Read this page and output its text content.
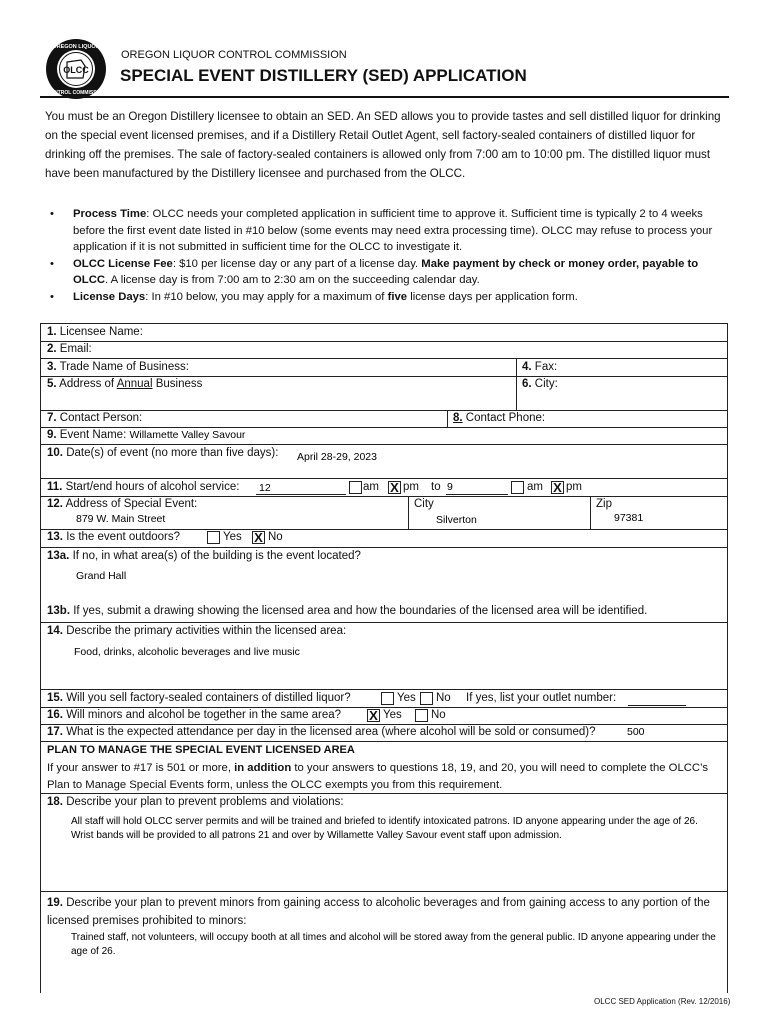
OLCC
OREGON LIQUOR
CONTROL COMMISSION
OREGON LIQUOR CONTROL COMMISSION
SPECIAL EVENT DISTILLERY (SED) APPLICATION
You must be an Oregon Distillery licensee to obtain an SED. An SED allows you to provide tastes and sell distilled liquor for drinking on the special event licensed premises, and if a Distillery Retail Outlet Agent, sell factory-sealed containers of distilled liquor for drinking off the premises. The sale of factory-sealed containers is allowed only from 7:00 am to 10:00 pm. The distilled liquor must have been manufactured by the Distillery licensee and purchased from the OLCC.
• Process Time: OLCC needs your completed application in sufficient time to approve it. Sufficient time is typically 2 to 4 weeks before the first event date listed in #10 below (some events may need extra processing time). OLCC may refuse to process your application if it is not submitted in sufficient time for the OLCC to investigate it.
• OLCC License Fee: $10 per license day or any part of a license day. Make payment by check or money order, payable to OLCC. A license day is from 7:00 am to 2:30 am on the succeeding calendar day.
• License Days: In #10 below, you may apply for a maximum of five license days per application form.
1. Licensee Name:
2. Email:
3. Trade Name of Business:	4. Fax:
5. Address of Annual Business	6. City:
7. Contact Person:	8. Contact Phone:
9. Event Name: Willamette Valley Savour
10. Date(s) of event (no more than five days): April 28-29, 2023
11. Start/end hours of alcohol service: 12	am X pm to 9	am X pm
12. Address of Special Event:
879 W. Main Street
City
Silverton
Zip
97381
13. Is the event outdoors?	Yes X No
13a. If no, in what area(s) of the building is the event located?
Grand Hall
13b. If yes, submit a drawing showing the licensed area and how the boundaries of the licensed area will be identified.
14. Describe the primary activities within the licensed area:
Food, drinks, alcoholic beverages and live music
15. Will you sell factory-sealed containers of distilled liquor?	Yes No If yes, list your outlet number:
16. Will minors and alcohol be together in the same area? X Yes	No
17. What is the expected attendance per day in the licensed area (where alcohol will be sold or consumed)?	500
PLAN TO MANAGE THE SPECIAL EVENT LICENSED AREA
If your answer to #17 is 501 or more, in addition to your answers to questions 18, 19, and 20, you will need to complete the OLCC’s Plan to Manage Special Events form, unless the OLCC exempts you from this requirement.
18. Describe your plan to prevent problems and violations:
All staff will hold OLCC server permits and will be trained and briefed to identify intoxicated patrons. ID anyone appearing under the age of 26. Wrist bands will be provided to all patrons 21 and over by Willamette Valley Savour event staff upon admission.
19. Describe your plan to prevent minors from gaining access to alcoholic beverages and from gaining access to any portion of the licensed premises prohibited to minors:
Trained staff, not volunteers, will occupy booth at all times and alcohol will be stored away from the general public. ID anyone appearing under the age of 26.
OLCC SED Application (Rev. 12/2016)
